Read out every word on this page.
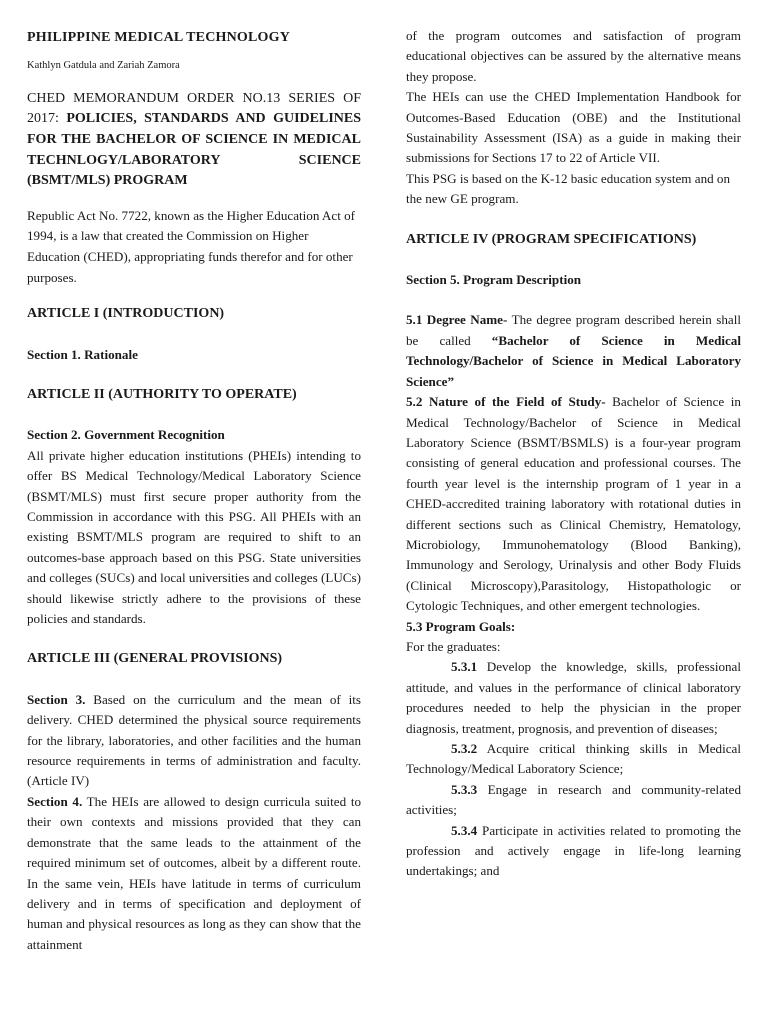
PHILIPPINE MEDICAL TECHNOLOGY

Kathlyn Gatdula and Zariah Zamora

CHED MEMORANDUM ORDER NO.13 SERIES OF 2017: POLICIES, STANDARDS AND GUIDELINES FOR THE BACHELOR OF SCIENCE IN MEDICAL TECHNLOGY/LABORATORY SCIENCE (BSMT/MLS) PROGRAM

Republic Act No. 7722, known as the Higher Education Act of 1994, is a law that created the Commission on Higher Education (CHED), appropriating funds therefor and for other purposes.

ARTICLE I (INTRODUCTION)

Section 1. Rationale

ARTICLE II (AUTHORITY TO OPERATE)

Section 2. Government Recognition

All private higher education institutions (PHEIs) intending to offer BS Medical Technology/Medical Laboratory Science (BSMT/MLS) must first secure proper authority from the Commission in accordance with this PSG. All PHEIs with an existing BSMT/MLS program are required to shift to an outcomes-base approach based on this PSG. State universities and colleges (SUCs) and local universities and colleges (LUCs) should likewise strictly adhere to the provisions of these policies and standards.

ARTICLE III (GENERAL PROVISIONS)

Section 3. Based on the curriculum and the mean of its delivery. CHED determined the physical source requirements for the library, laboratories, and other facilities and the human resource requirements in terms of administration and faculty. (Article IV)

Section 4. The HEIs are allowed to design curricula suited to their own contexts and missions provided that they can demonstrate that the same leads to the attainment of the required minimum set of outcomes, albeit by a different route. In the same vein, HEIs have latitude in terms of curriculum delivery and in terms of specification and deployment of human and physical resources as long as they can show that the attainment

of the program outcomes and satisfaction of program educational objectives can be assured by the alternative means they propose.

The HEIs can use the CHED Implementation Handbook for Outcomes-Based Education (OBE) and the Institutional Sustainability Assessment (ISA) as a guide in making their submissions for Sections 17 to 22 of Article VII.

This PSG is based on the K-12 basic education system and on the new GE program.

ARTICLE IV (PROGRAM SPECIFICATIONS)

Section 5. Program Description

5.1 Degree Name- The degree program described herein shall be called “Bachelor of Science in Medical Technology/Bachelor of Science in Medical Laboratory Science”

5.2 Nature of the Field of Study- Bachelor of Science in Medical Technology/Bachelor of Science in Medical Laboratory Science (BSMT/BSMLS) is a four-year program consisting of general education and professional courses. The fourth year level is the internship program of 1 year in a CHED-accredited training laboratory with rotational duties in different sections such as Clinical Chemistry, Hematology, Microbiology, Immunohematology (Blood Banking), Immunology and Serology, Urinalysis and other Body Fluids (Clinical Microscopy),Parasitology, Histopathologic or Cytologic Techniques, and other emergent technologies.

5.3 Program Goals:

For the graduates:

5.3.1 Develop the knowledge, skills, professional attitude, and values in the performance of clinical laboratory procedures needed to help the physician in the proper diagnosis, treatment, prognosis, and prevention of diseases;

5.3.2 Acquire critical thinking skills in Medical Technology/Medical Laboratory Science;

5.3.3 Engage in research and community-related activities;

5.3.4 Participate in activities related to promoting the profession and actively engage in life-long learning undertakings; and
